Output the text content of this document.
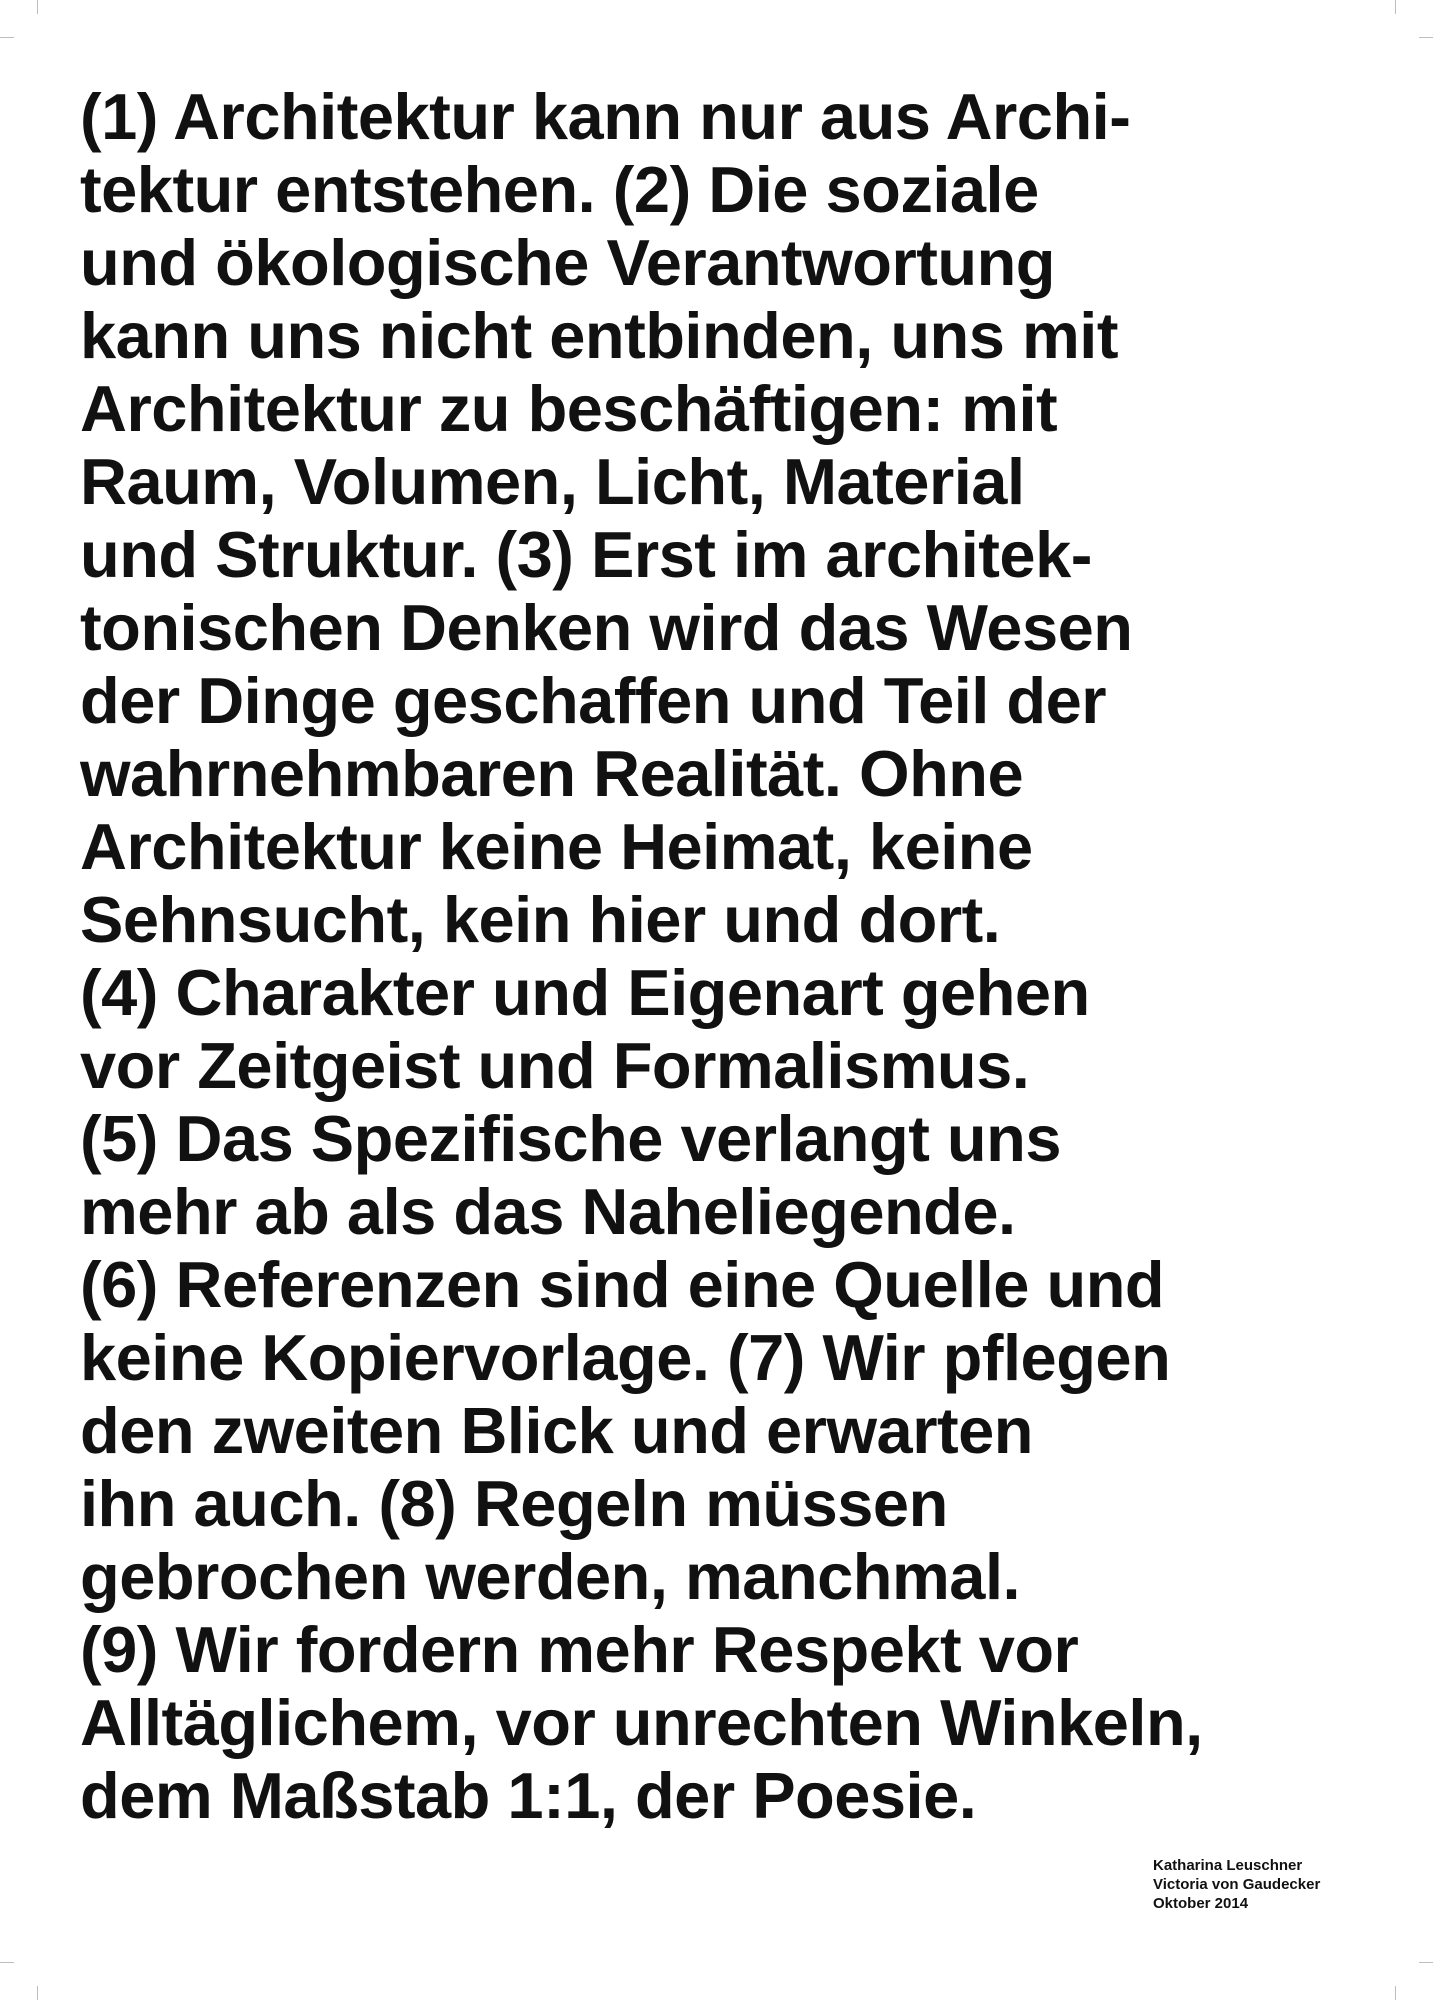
(1) Architektur kann nur aus Archi-
tektur entstehen. (2) Die soziale
und ökologische Verantwortung
kann uns nicht entbinden, uns mit
Architektur zu beschäftigen: mit
Raum, Volumen, Licht, Material
und Struktur. (3) Erst im architek-
tonischen Denken wird das Wesen
der Dinge geschaffen und Teil der
wahrnehmbaren Realität. Ohne
Architektur keine Heimat, keine
Sehnsucht, kein hier und dort.
(4) Charakter und Eigenart gehen
vor Zeitgeist und Formalismus.
(5) Das Spezifische verlangt uns
mehr ab als das Naheliegende.
(6) Referenzen sind eine Quelle und
keine Kopiervorlage. (7) Wir pflegen
den zweiten Blick und erwarten
ihn auch. (8) Regeln müssen
gebrochen werden, manchmal.
(9) Wir fordern mehr Respekt vor
Alltäglichem, vor unrechten Winkeln,
dem Maßstab 1:1, der Poesie.
Katharina Leuschner
Victoria von Gaudecker
Oktober 2014
